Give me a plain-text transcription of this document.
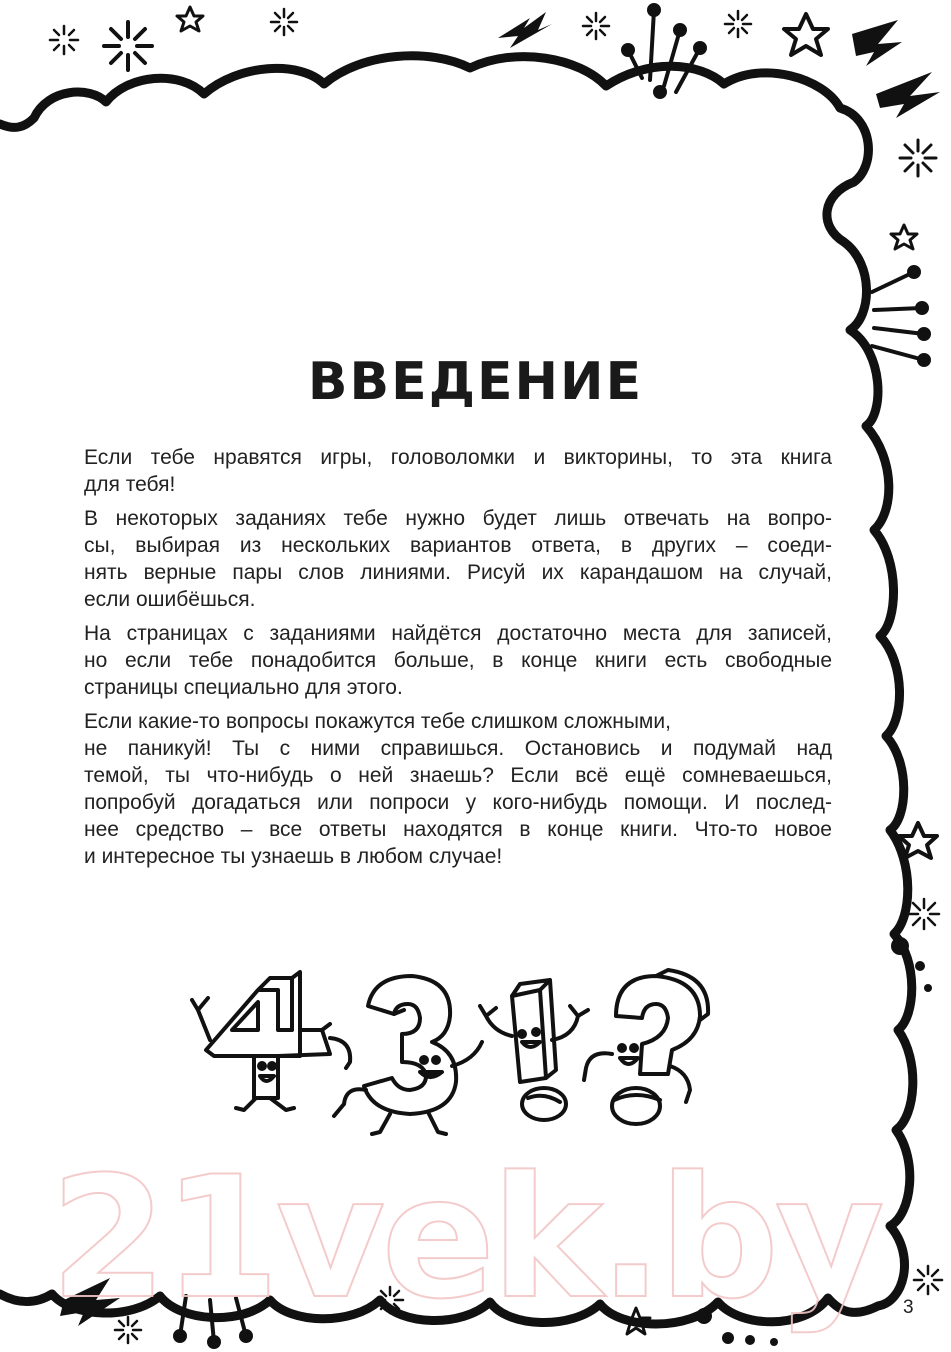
ВВЕДЕНИЕ

Если тебе нравятся игры, головоломки и викторины, то эта книга
для тебя!

В некоторых заданиях тебе нужно будет лишь отвечать на вопро-
сы, выбирая из нескольких вариантов ответа, в других – соеди-
нять верные пары слов линиями. Рисуй их карандашом на случай,
если ошибёшься.

На страницах с заданиями найдётся достаточно места для записей,
но если тебе понадобится больше, в конце книги есть свободные
страницы специально для этого.

Если какие-то вопросы покажутся тебе слишком сложными,
не паникуй! Ты с ними справишься. Остановись и подумай над
темой, ты что-нибудь о ней знаешь? Если всё ещё сомневаешься,
попробуй догадаться или попроси у кого-нибудь помощи. И послед-
нее средство – все ответы находятся в конце книги. Что-то новое
и интересное ты узнаешь в любом случае!

21vek.by 3
